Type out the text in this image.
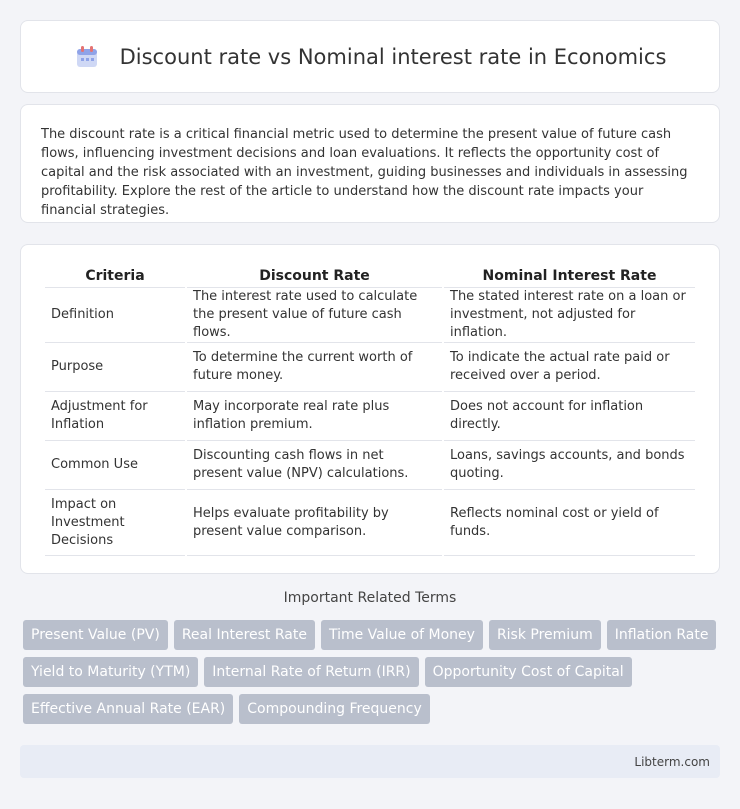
Discount rate vs Nominal interest rate in Economics

The discount rate is a critical financial metric used to determine the present value of future cash flows, influencing investment decisions and loan evaluations. It reflects the opportunity cost of capital and the risk associated with an investment, guiding businesses and individuals in assessing profitability. Explore the rest of the article to understand how the discount rate impacts your financial strategies.

Criteria	Discount Rate	Nominal Interest Rate
Definition	The interest rate used to calculate the present value of future cash flows.	The stated interest rate on a loan or investment, not adjusted for inflation.
Purpose	To determine the current worth of future money.	To indicate the actual rate paid or received over a period.
Adjustment for Inflation	May incorporate real rate plus inflation premium.	Does not account for inflation directly.
Common Use	Discounting cash flows in net present value (NPV) calculations.	Loans, savings accounts, and bonds quoting.
Impact on Investment Decisions	Helps evaluate profitability by present value comparison.	Reflects nominal cost or yield of funds.
Important Related Terms
Present Value (PV)	Real Interest Rate	Time Value of Money	Risk Premium	Inflation Rate
Yield to Maturity (YTM)	Internal Rate of Return (IRR)	Opportunity Cost of Capital
Effective Annual Rate (EAR)	Compounding Frequency
Libterm.com
